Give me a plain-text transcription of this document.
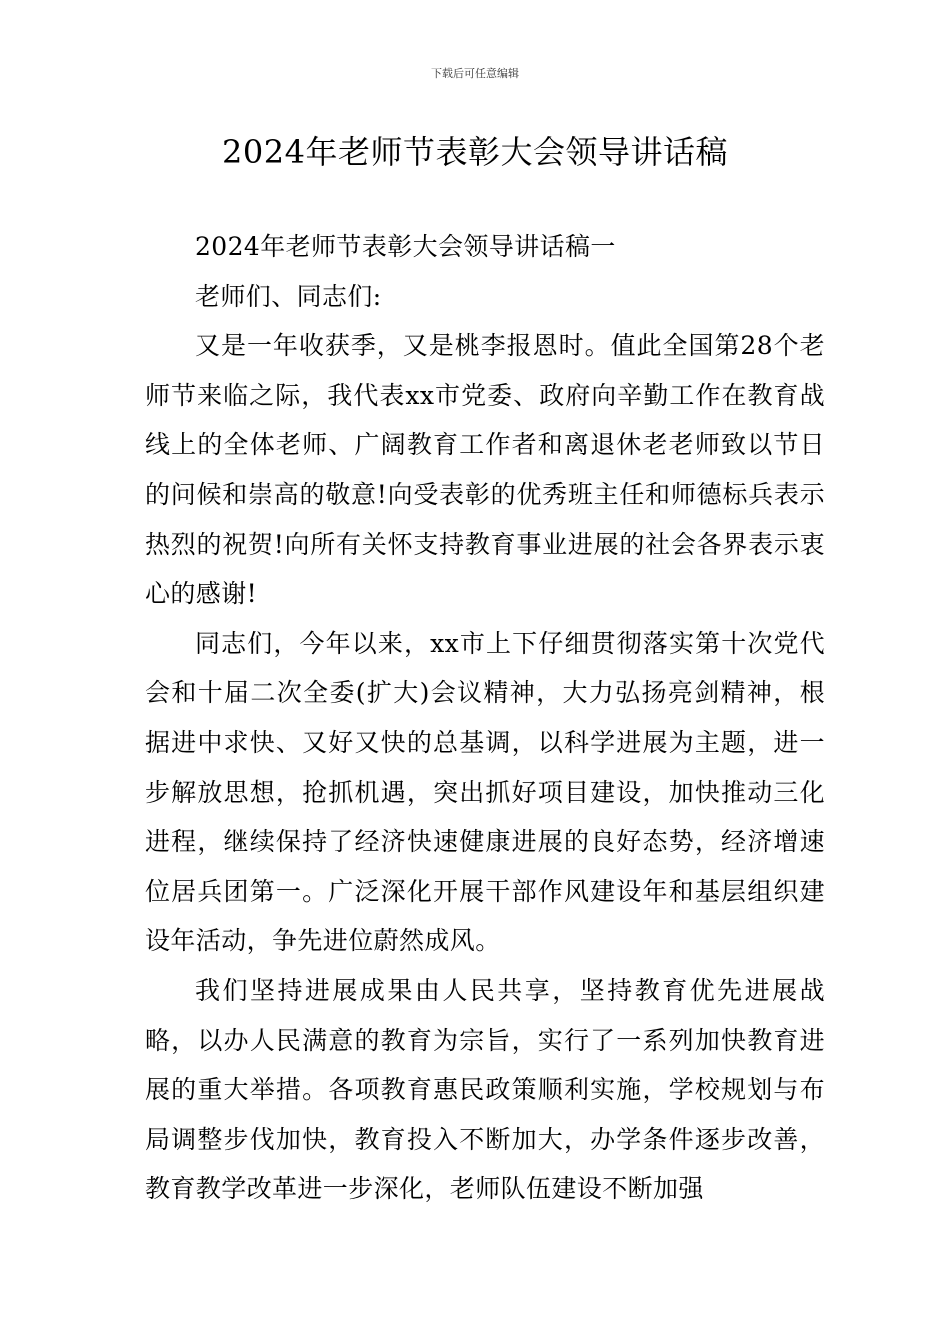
下载后可任意编辑
2024年老师节表彰大会领导讲话稿

2024年老师节表彰大会领导讲话稿一

老师们、同志们:

又是一年收获季，又是桃李报恩时。值此全国第28个老师节来临之际，我代表xx市党委、政府向辛勤工作在教育战线上的全体老师、广阔教育工作者和离退休老老师致以节日的问候和崇高的敬意!向受表彰的优秀班主任和师德标兵表示热烈的祝贺!向所有关怀支持教育事业进展的社会各界表示衷心的感谢!

同志们，今年以来，xx市上下仔细贯彻落实第十次党代会和十届二次全委(扩大)会议精神，大力弘扬亮剑精神，根据进中求快、又好又快的总基调，以科学进展为主题，进一步解放思想，抢抓机遇，突出抓好项目建设，加快推动三化进程，继续保持了经济快速健康进展的良好态势，经济增速位居兵团第一。广泛深化开展干部作风建设年和基层组织建设年活动，争先进位蔚然成风。

我们坚持进展成果由人民共享，坚持教育优先进展战略，以办人民满意的教育为宗旨，实行了一系列加快教育进展的重大举措。各项教育惠民政策顺利实施，学校规划与布局调整步伐加快，教育投入不断加大，办学条件逐步改善，教育教学改革进一步深化，老师队伍建设不断加强
